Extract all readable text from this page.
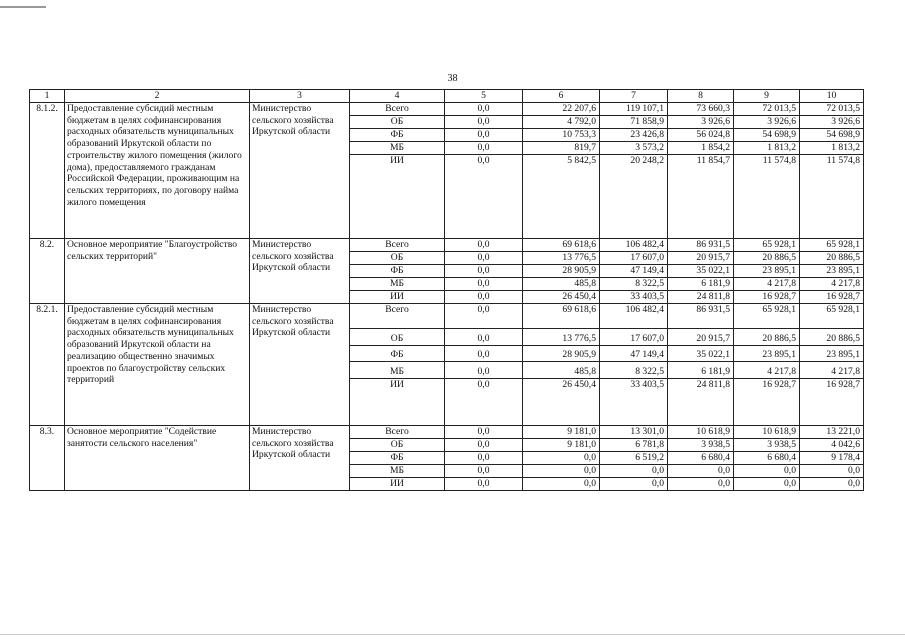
38
1	2	3	4	5	6	7	8	9	10
8.1.2.	Предоставление субсидий местным бюджетам в целях софинансирования расходных обязательств муниципальных образований Иркутской области по строительству жилого помещения (жилого дома), предоставляемого гражданам Российской Федерации, проживающим на сельских территориях, по договору найма жилого помещения	Министерство сельского хозяйства Иркутской области	Всего	0,0	22 207,6	119 107,1	73 660,3	72 013,5	72 013,5
			ОБ	0,0	4 792,0	71 858,9	3 926,6	3 926,6	3 926,6
			ФБ	0,0	10 753,3	23 426,8	56 024,8	54 698,9	54 698,9
			МБ	0,0	819,7	3 573,2	1 854,2	1 813,2	1 813,2
			ИИ	0,0	5 842,5	20 248,2	11 854,7	11 574,8	11 574,8

8.2.	Основное мероприятие "Благоустройство сельских территорий"	Министерство сельского хозяйства Иркутской области	Всего	0,0	69 618,6	106 482,4	86 931,5	65 928,1	65 928,1
			ОБ	0,0	13 776,5	17 607,0	20 915,7	20 886,5	20 886,5
			ФБ	0,0	28 905,9	47 149,4	35 022,1	23 895,1	23 895,1
			МБ	0,0	485,8	8 322,5	6 181,9	4 217,8	4 217,8
			ИИ	0,0	26 450,4	33 403,5	24 811,8	16 928,7	16 928,7
8.2.1.	Предоставление субсидий местным бюджетам в целях софинансирования расходных обязательств муниципальных образований Иркутской области на реализацию общественно значимых проектов по благоустройству сельских территорий	Министерство сельского хозяйства Иркутской области	Всего	0,0	69 618,6	106 482,4	86 931,5	65 928,1	65 928,1
			ОБ	0,0	13 776,5	17 607,0	20 915,7	20 886,5	20 886,5
			ФБ	0,0	28 905,9	47 149,4	35 022,1	23 895,1	23 895,1
			МБ	0,0	485,8	8 322,5	6 181,9	4 217,8	4 217,8
			ИИ	0,0	26 450,4	33 403,5	24 811,8	16 928,7	16 928,7
8.3.	Основное мероприятие "Содействие занятости сельского населения"	Министерство сельского хозяйства Иркутской области	Всего	0,0	9 181,0	13 301,0	10 618,9	10 618,9	13 221,0
			ОБ	0,0	9 181,0	6 781,8	3 938,5	3 938,5	4 042,6
			ФБ	0,0	0,0	6 519,2	6 680,4	6 680,4	9 178,4
			МБ	0,0	0,0	0,0	0,0	0,0	0,0
			ИИ	0,0	0,0	0,0	0,0	0,0	0,0
